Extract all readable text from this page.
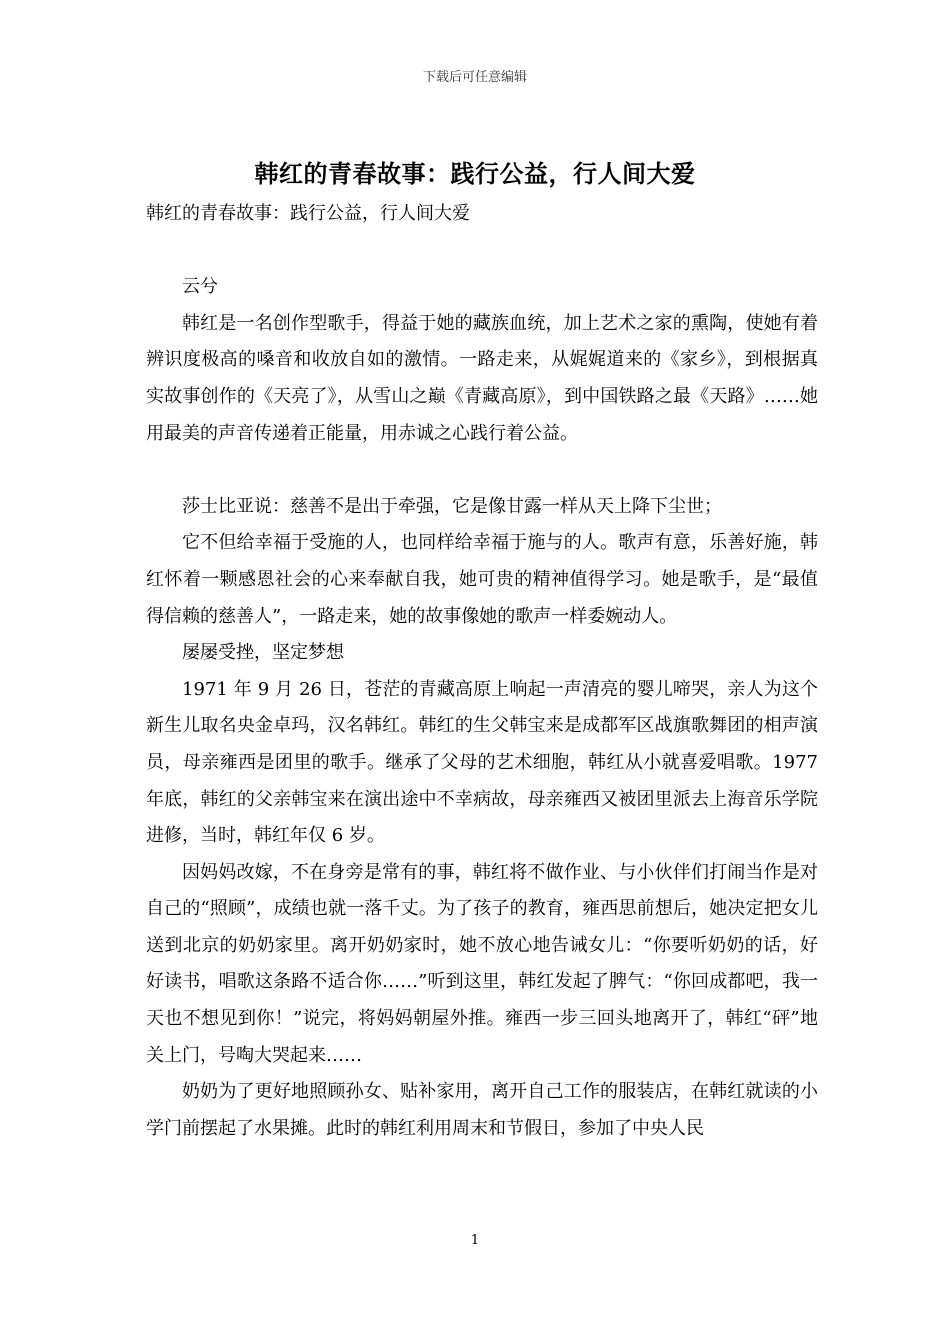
下载后可任意编辑
韩红的青春故事：践行公益，行人间大爱

韩红的青春故事：践行公益，行人间大爱

云兮

韩红是一名创作型歌手，得益于她的藏族血统，加上艺术之家的熏陶，使她有着辨识度极高的嗓音和收放自如的激情。一路走来，从娓娓道来的《家乡》，到根据真实故事创作的《天亮了》，从雪山之巅《青藏高原》，到中国铁路之最《天路》……她用最美的声音传递着正能量，用赤诚之心践行着公益。

莎士比亚说：慈善不是出于牵强，它是像甘露一样从天上降下尘世；

它不但给幸福于受施的人，也同样给幸福于施与的人。歌声有意，乐善好施，韩红怀着一颗感恩社会的心来奉献自我，她可贵的精神值得学习。她是歌手，是“最值得信赖的慈善人”，一路走来，她的故事像她的歌声一样委婉动人。

屡屡受挫，坚定梦想

1971 年 9 月 26 日，苍茫的青藏高原上响起一声清亮的婴儿啼哭，亲人为这个新生儿取名央金卓玛，汉名韩红。韩红的生父韩宝来是成都军区战旗歌舞团的相声演员，母亲雍西是团里的歌手。继承了父母的艺术细胞，韩红从小就喜爱唱歌。1977 年底，韩红的父亲韩宝来在演出途中不幸病故，母亲雍西又被团里派去上海音乐学院进修，当时，韩红年仅 6 岁。

因妈妈改嫁，不在身旁是常有的事，韩红将不做作业、与小伙伴们打闹当作是对自己的“照顾”，成绩也就一落千丈。为了孩子的教育，雍西思前想后，她决定把女儿送到北京的奶奶家里。离开奶奶家时，她不放心地告诫女儿：“你要听奶奶的话，好好读书，唱歌这条路不适合你……”听到这里，韩红发起了脾气：“你回成都吧，我一天也不想见到你！”说完，将妈妈朝屋外推。雍西一步三回头地离开了，韩红“砰”地关上门，号啕大哭起来……

奶奶为了更好地照顾孙女、贴补家用，离开自己工作的服装店，在韩红就读的小学门前摆起了水果摊。此时的韩红利用周末和节假日，参加了中央人民

1
